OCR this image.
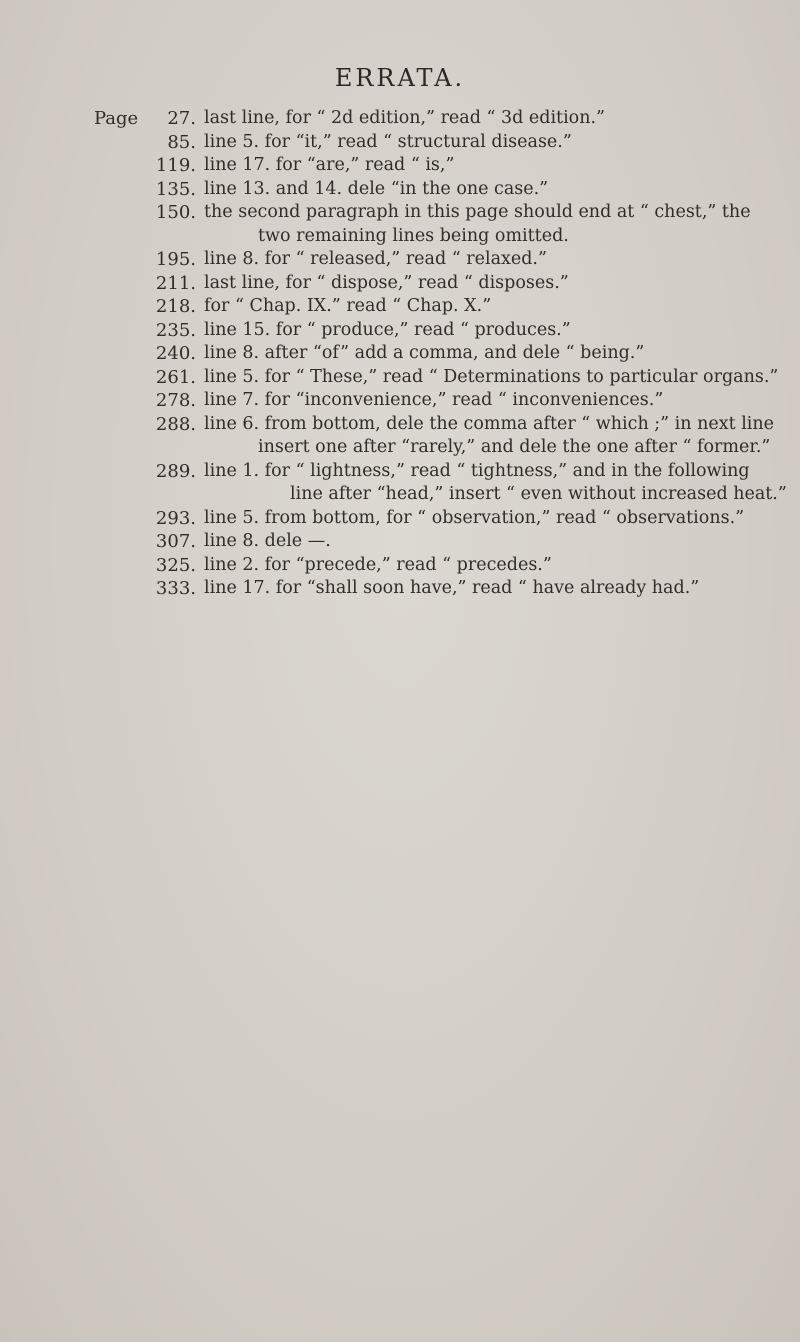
ERRATA.
Page 27. last line, for “ 2d edition,” read “ 3d edition.”
85. line 5. for “it,” read “ structural disease.”
119. line 17. for “are,” read “ is,”
135. line 13. and 14. dele “in the one case.”
150. the second paragraph in this page should end at “ chest,” the
two remaining lines being omitted.
195. line 8. for “ released,” read “ relaxed.”
211. last line, for “ dispose,” read “ disposes.”
218. for “ Chap. IX.” read “ Chap. X.”
235. line 15. for “ produce,” read “ produces.”
240. line 8. after “of” add a comma, and dele “ being.”
261. line 5. for “ These,” read “ Determinations to particular organs.”
278. line 7. for “inconvenience,” read “ inconveniences.”
288. line 6. from bottom, dele the comma after “ which ;” in next line
insert one after “rarely,” and dele the one after “ former.”
289. line 1. for “ lightness,” read “ tightness,” and in the following
line after “head,” insert “ even without increased heat.”
293. line 5. from bottom, for “ observation,” read “ observations.”
307. line 8. dele —.
325. line 2. for “precede,” read “ precedes.”
333. line 17. for “shall soon have,” read “ have already had.”
